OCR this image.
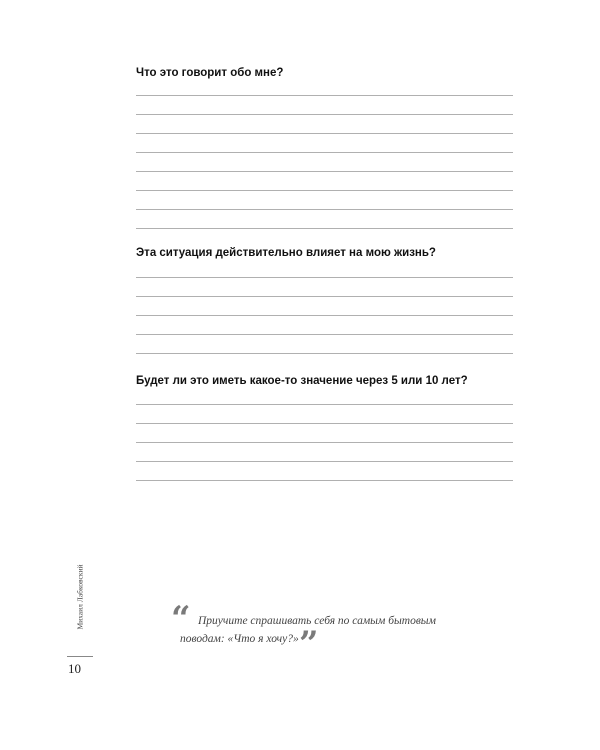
Что это говорит обо мне?
Эта ситуация действительно влияет на мою жизнь?
Будет ли это иметь какое-то значение через 5 или 10 лет?
Михаил Лабковский
10
“ Приучите спрашивать себя по самым бытовым
поводам: «Что я хочу?» ”
